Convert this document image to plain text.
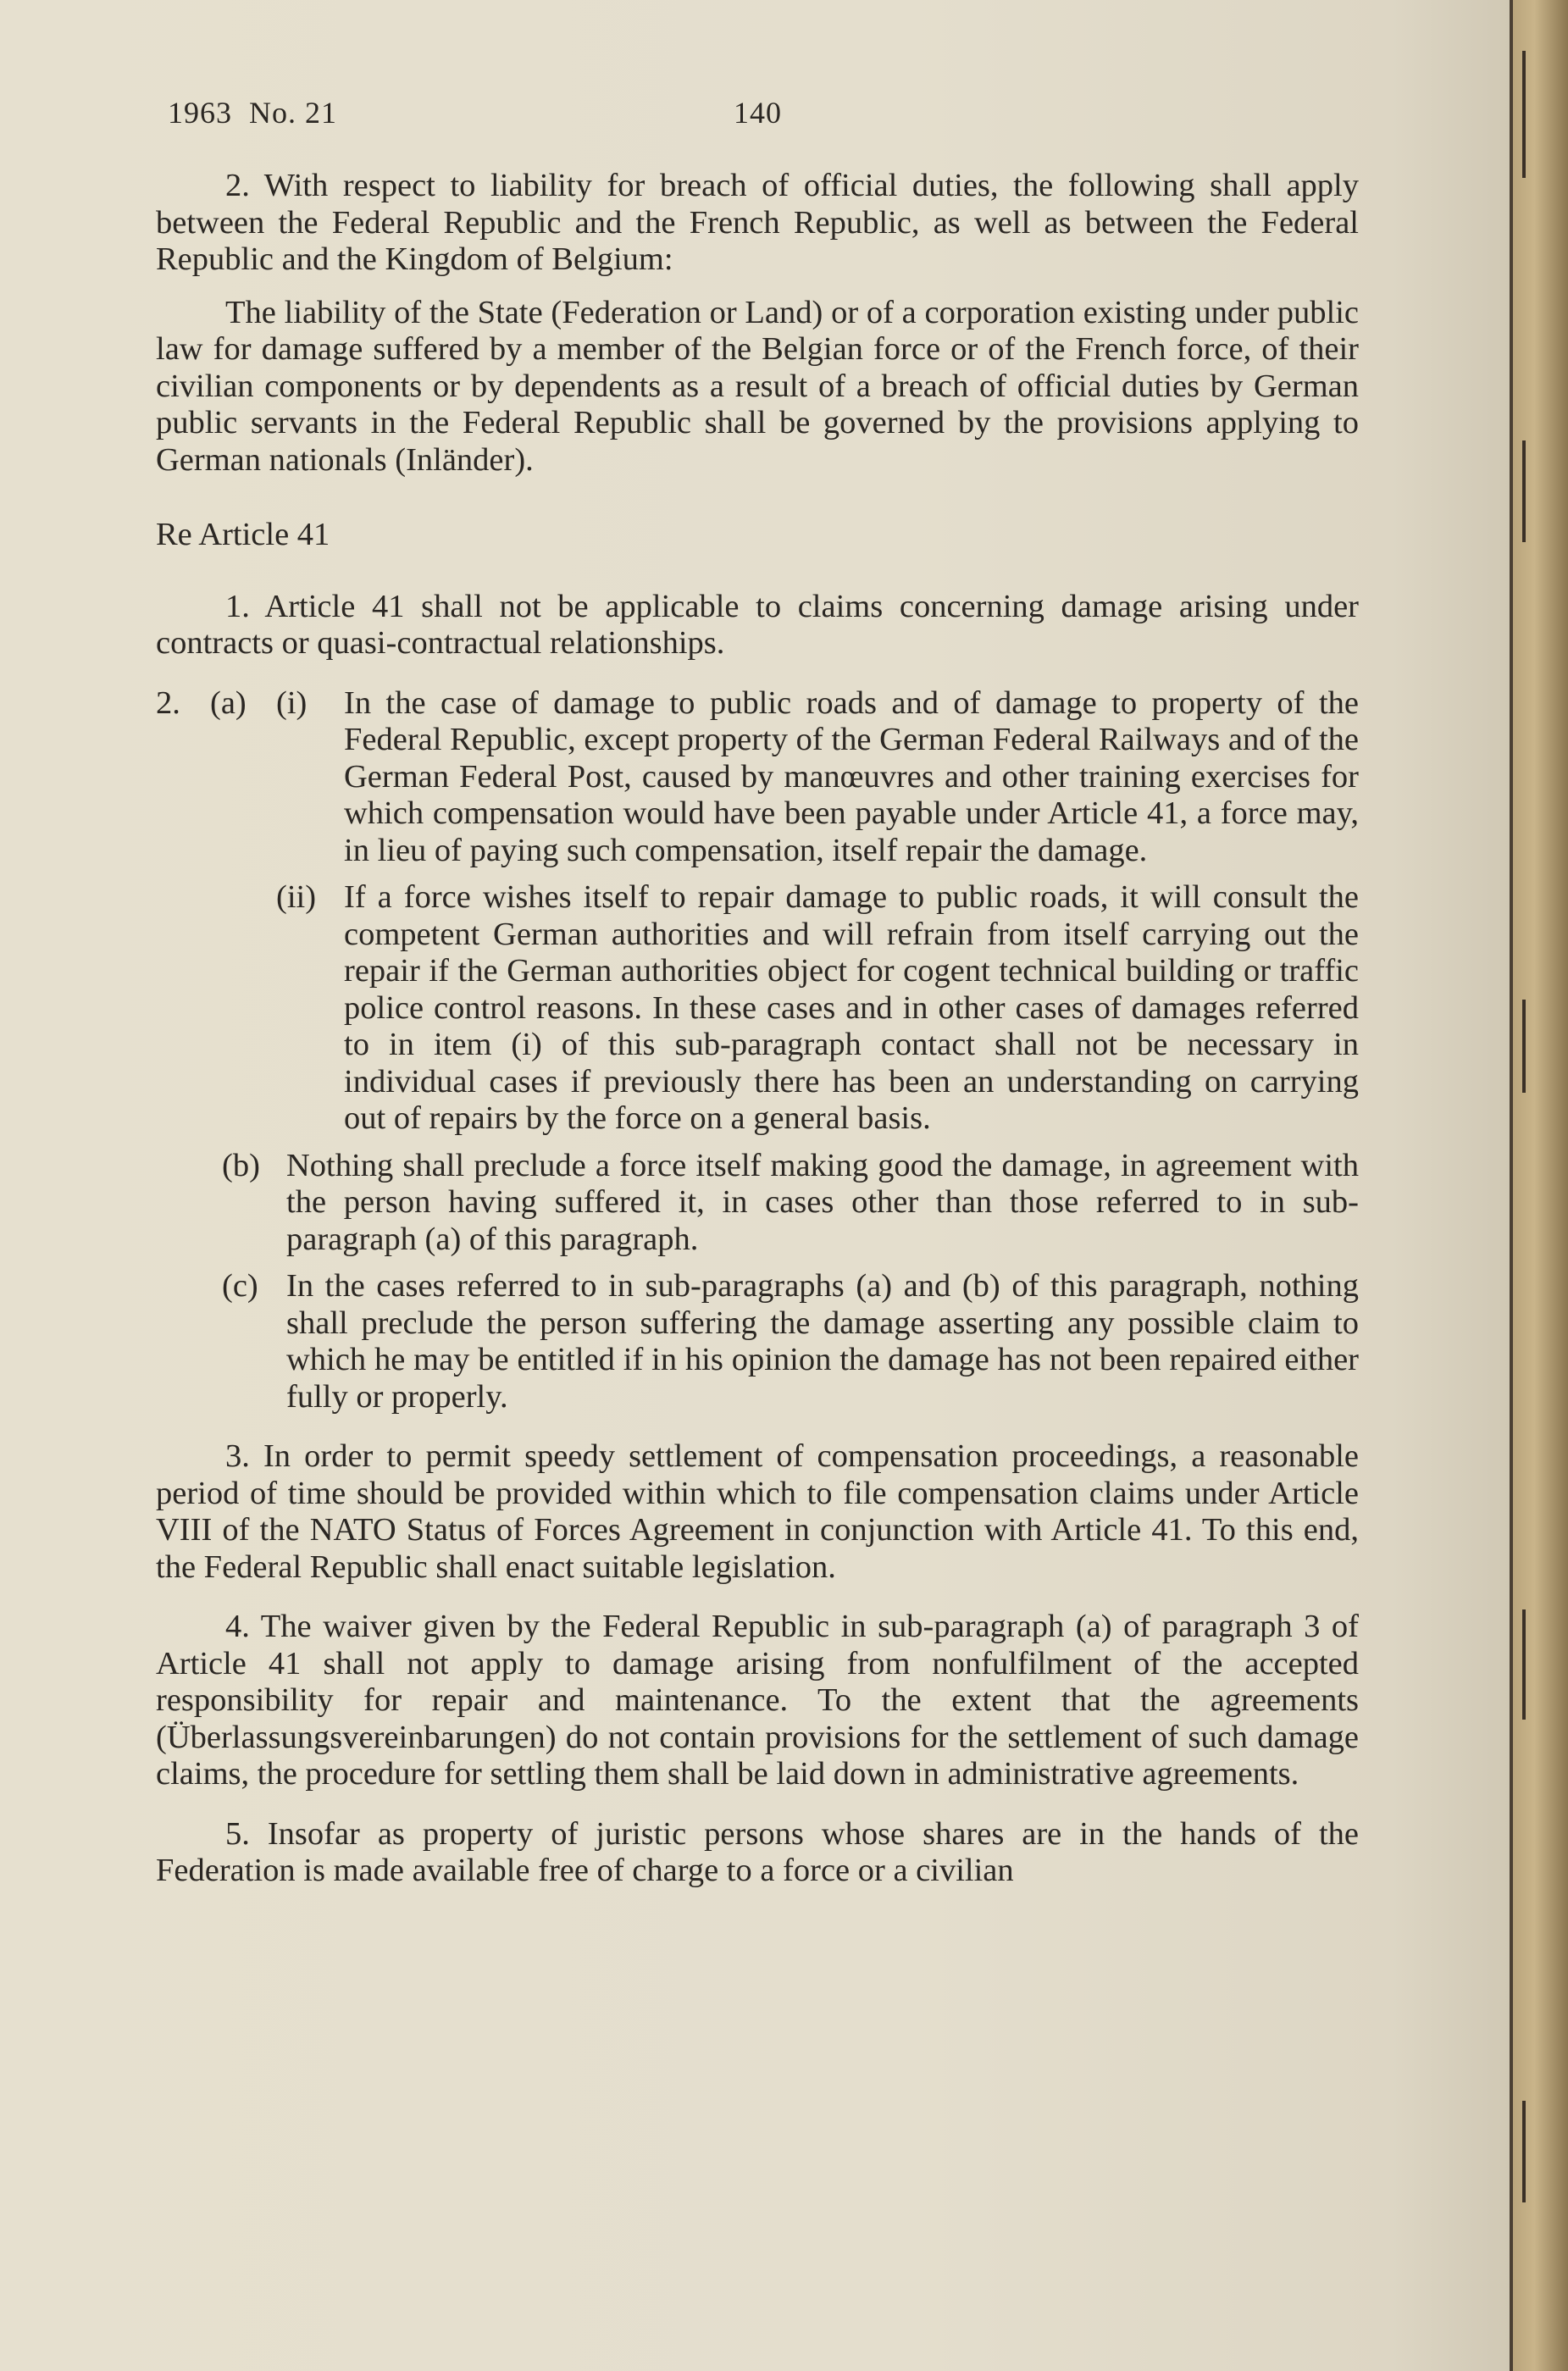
1963  No. 21	140

2. With respect to liability for breach of official duties, the following shall apply between the Federal Republic and the French Republic, as well as between the Federal Republic and the Kingdom of Belgium:

The liability of the State (Federation or Land) or of a corporation existing under public law for damage suffered by a member of the Belgian force or of the French force, of their civilian components or by dependents as a result of a breach of official duties by German public servants in the Federal Republic shall be governed by the provisions applying to German nationals (Inländer).

Re Article 41

1. Article 41 shall not be applicable to claims concerning damage arising under contracts or quasi-contractual relationships.

2. (a) (i)	In the case of damage to public roads and of damage to property of the Federal Republic, except property of the German Federal Railways and of the German Federal Post, caused by manœuvres and other training exercises for which compensation would have been payable under Article 41, a force may, in lieu of paying such compensation, itself repair the damage.
(ii) If a force wishes itself to repair damage to public roads, it will consult the competent German authorities and will refrain from itself carrying out the repair if the German authorities object for cogent technical building or traffic police control reasons. In these cases and in other cases of damages referred to in item (i) of this sub-paragraph contact shall not be necessary in individual cases if previously there has been an understanding on carrying out of repairs by the force on a general basis.
(b) Nothing shall preclude a force itself making good the damage, in agreement with the person having suffered it, in cases other than those referred to in sub-paragraph (a) of this paragraph.
(c) In the cases referred to in sub-paragraphs (a) and (b) of this paragraph, nothing shall preclude the person suffering the damage asserting any possible claim to which he may be entitled if in his opinion the damage has not been repaired either fully or properly.

3. In order to permit speedy settlement of compensation proceedings, a reasonable period of time should be provided within which to file compensation claims under Article VIII of the NATO Status of Forces Agreement in conjunction with Article 41. To this end, the Federal Republic shall enact suitable legislation.

4. The waiver given by the Federal Republic in sub-paragraph (a) of paragraph 3 of Article 41 shall not apply to damage arising from nonfulfilment of the accepted responsibility for repair and maintenance. To the extent that the agreements (Überlassungsvereinbarungen) do not contain provisions for the settlement of such damage claims, the procedure for settling them shall be laid down in administrative agreements.

5. Insofar as property of juristic persons whose shares are in the hands of the Federation is made available free of charge to a force or a civilian
